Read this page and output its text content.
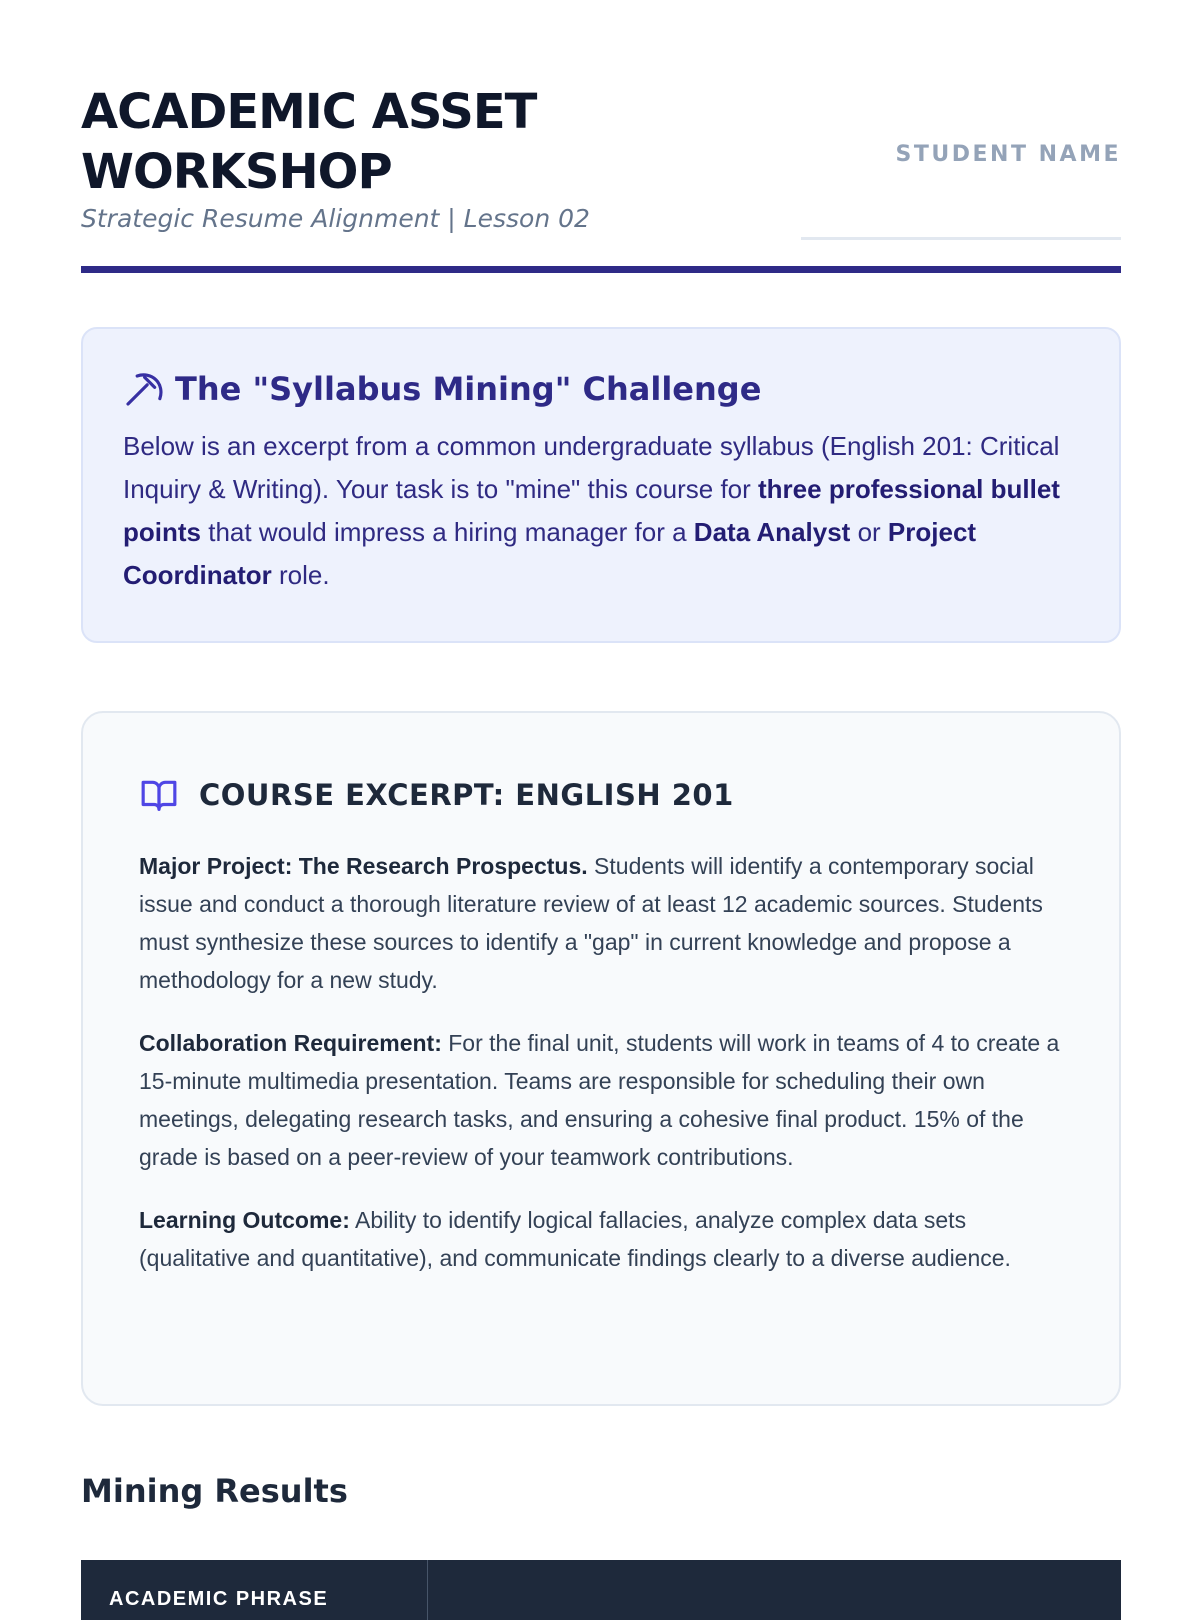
ACADEMIC ASSET WORKSHOP
Strategic Resume Alignment | Lesson 02
STUDENT NAME
The "Syllabus Mining" Challenge
Below is an excerpt from a common undergraduate syllabus (English 201: Critical Inquiry & Writing). Your task is to "mine" this course for three professional bullet points that would impress a hiring manager for a Data Analyst or Project Coordinator role.
COURSE EXCERPT: ENGLISH 201

Major Project: The Research Prospectus. Students will identify a contemporary social issue and conduct a thorough literature review of at least 12 academic sources. Students must synthesize these sources to identify a "gap" in current knowledge and propose a methodology for a new study.

Collaboration Requirement: For the final unit, students will work in teams of 4 to create a 15-minute multimedia presentation. Teams are responsible for scheduling their own meetings, delegating research tasks, and ensuring a cohesive final product. 15% of the grade is based on a peer-review of your teamwork contributions.

Learning Outcome: Ability to identify logical fallacies, analyze complex data sets (qualitative and quantitative), and communicate findings clearly to a diverse audience.

Mining Results
ACADEMIC PHRASE
